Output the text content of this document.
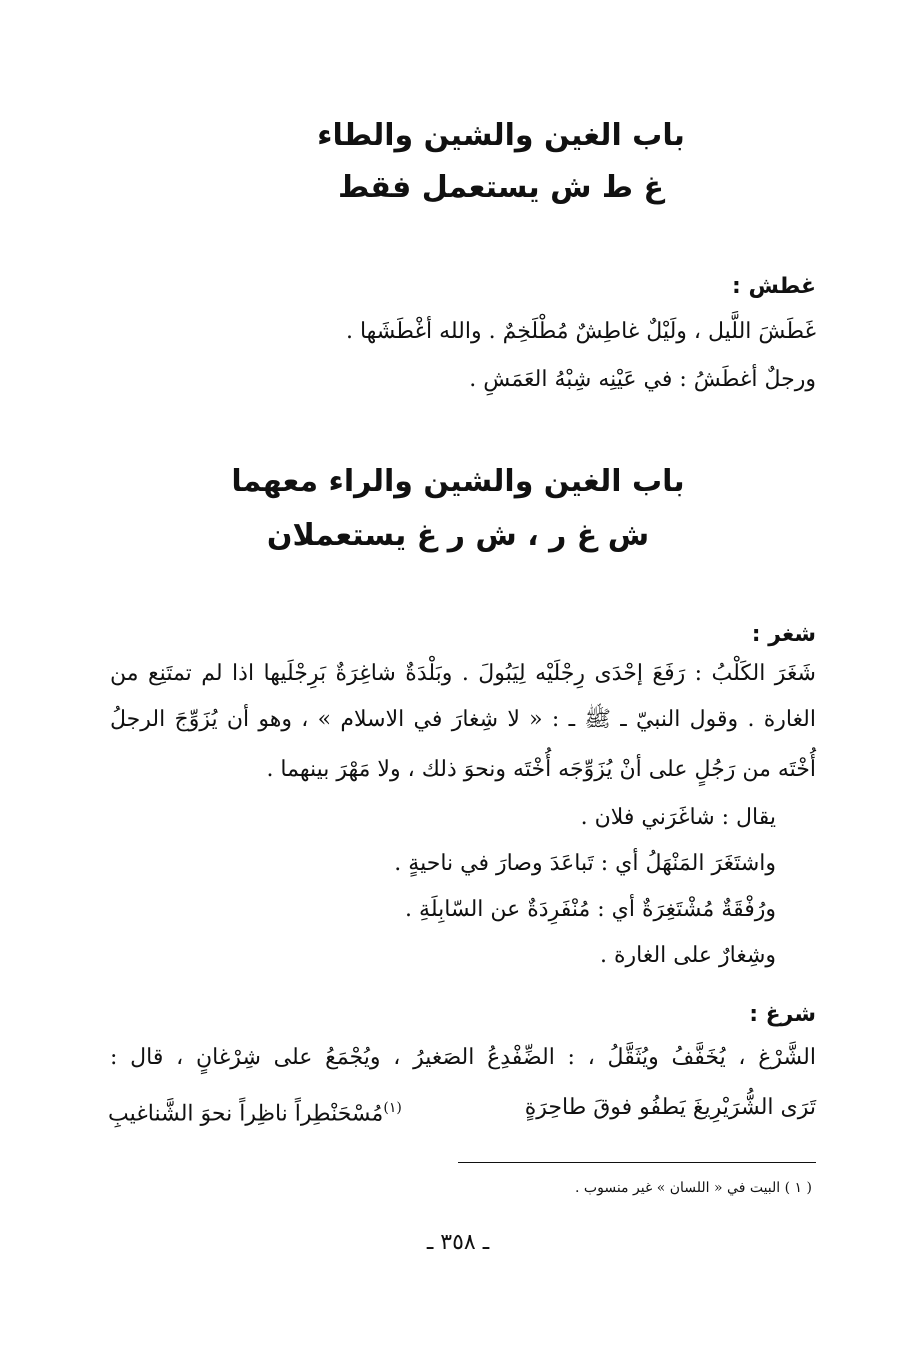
باب الغين والشين والطاء
غ ط ش يستعمل فقط
غطش :
غَطَشَ اللَّيل ، ولَيْلٌ غاطِشٌ مُطْلَخِمٌ . والله أغْطَشَها .
ورجلٌ أغطَشُ : في عَيْنِه شِبْهُ العَمَشِ .
باب الغين والشين والراء معهما
ش غ ر ، ش ر غ يستعملان
شغر :
شَغَرَ الكَلْبُ : رَفَعَ إحْدَى رِجْلَيْه لِيَبُولَ . وبَلْدَةٌ شاغِرَةٌ بَرِجْلَيها اذا لم تمتَنِع من
الغارة . وقول النبيّ ـ ﷺ ـ : « لا شِغارَ في الاسلام » ، وهو أن يُزَوِّجَ الرجلُ
أُخْتَه من رَجُلٍ على أنْ يُزَوِّجَه أُخْتَه ونحوَ ذلك ، ولا مَهْرَ بينهما .
يقال : شاغَرَني فلان .
واشتَغَرَ المَنْهَلُ أي : تَباعَدَ وصارَ في ناحيةٍ .
ورُفْقَةٌ مُشْتَغِرَةٌ أي : مُنْفَرِدَةٌ عن السّابِلَةِ .
وشِغارٌ على الغارة .
شرغ :
الشَّرْغ ، يُخَفَّفُ ويُثَقَّلُ ، : الضِّفْدِعُ الصَغيرُ ، ويُجْمَعُ على شِرْغانٍ ، قال :
تَرَى الشُّرَيْرِيغَ يَطفُو فوقَ طاحِرَةٍ
$^{(١)}$مُسْحَنْطِراً ناظِراً نحوَ الشَّناغيبِ
( ١ ) البيت في « اللسان » غير منسوب .
ـ ٣٥٨ ـ
